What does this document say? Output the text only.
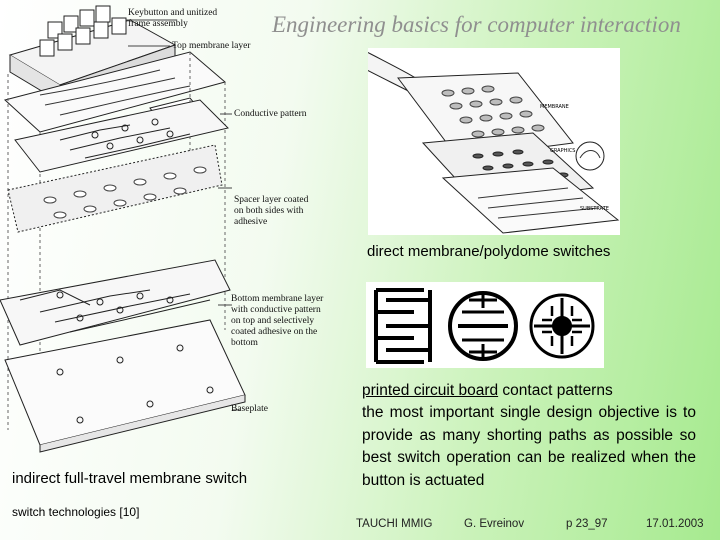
Engineering basics for computer interaction
Keybutton and unitized
frame assembly
Top membrane layer
Conductive pattern
Spacer layer coated
on both sides with
adhesive
Bottom membrane layer
with conductive pattern
on top and selectively
coated adhesive on the
bottom
Baseplate
indirect full-travel membrane switch
switch technologies [10]
MEMBRANE
GRAPHICS
SUBSTRATE
direct membrane/polydome switches
printed circuit board contact patterns
the most important single design objective is to provide as many shorting paths as possible so best switch operation can be realized when the button is actuated
TAUCHI MMIG	G. Evreinov	p 23_97	17.01.2003
